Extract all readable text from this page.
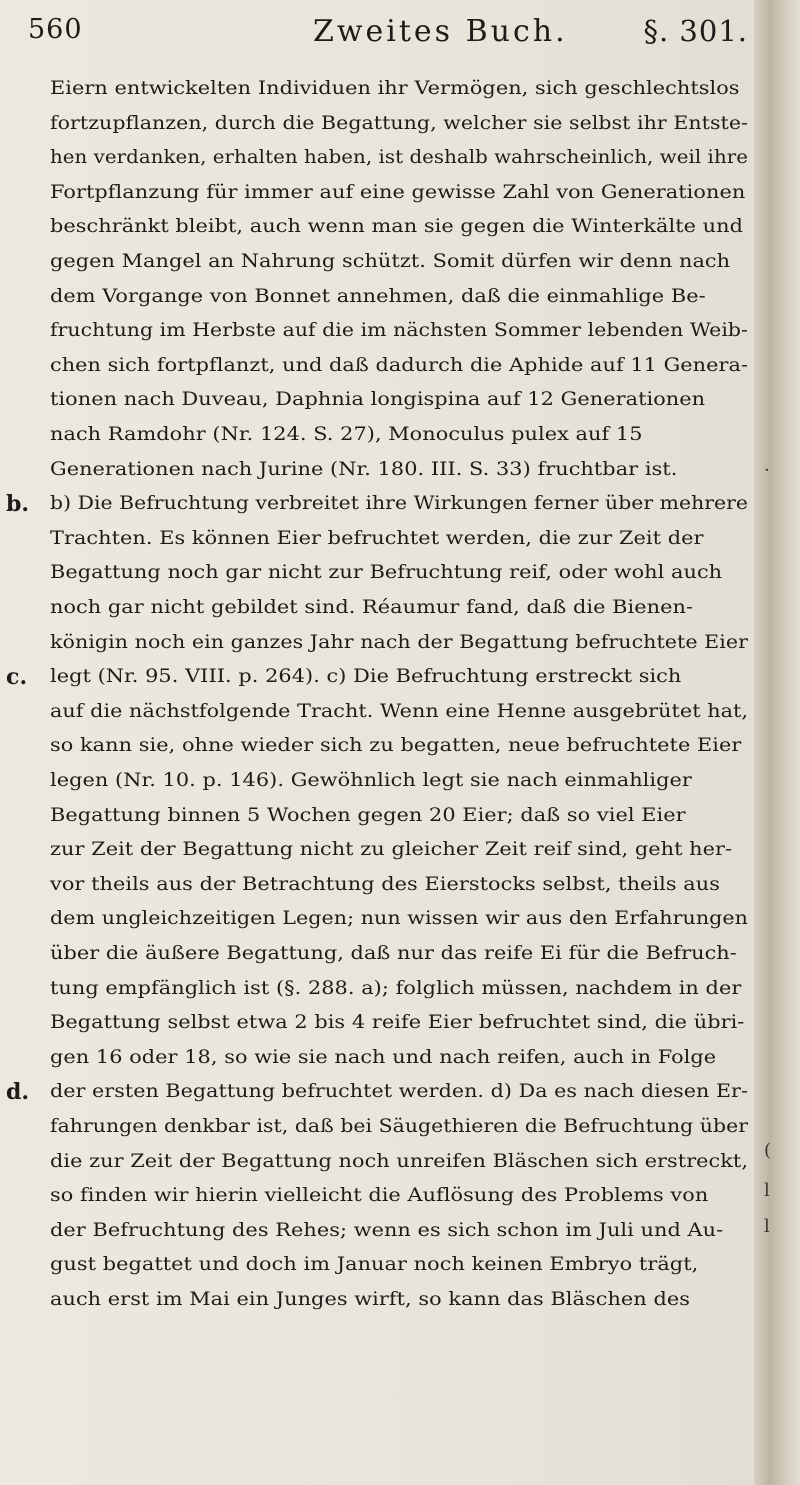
560	Zweites Buch.	§. 301.
Eiern entwickelten Individuen ihr Vermögen, sich geschlechtslos
fortzupflanzen, durch die Begattung, welcher sie selbst ihr Entste-
hen verdanken, erhalten haben, ist deshalb wahrscheinlich, weil ihre
Fortpflanzung für immer auf eine gewisse Zahl von Generationen
beschränkt bleibt, auch wenn man sie gegen die Winterkälte und
gegen Mangel an Nahrung schützt. Somit dürfen wir denn nach
dem Vorgange von Bonnet annehmen, daß die einmahlige Be-
fruchtung im Herbste auf die im nächsten Sommer lebenden Weib-
chen sich fortpflanzt, und daß dadurch die Aphide auf 11 Genera-
tionen nach Duveau, Daphnia longispina auf 12 Generationen
nach Ramdohr (Nr. 124. S. 27), Monoculus pulex auf 15
Generationen nach Jurine (Nr. 180. III. S. 33) fruchtbar ist.
b.	b) Die Befruchtung verbreitet ihre Wirkungen ferner über mehrere
Trachten. Es können Eier befruchtet werden, die zur Zeit der
Begattung noch gar nicht zur Befruchtung reif, oder wohl auch
noch gar nicht gebildet sind. Réaumur fand, daß die Bienen-
königin noch ein ganzes Jahr nach der Begattung befruchtete Eier
c.	legt (Nr. 95. VIII. p. 264). c) Die Befruchtung erstreckt sich
auf die nächstfolgende Tracht. Wenn eine Henne ausgebrütet hat,
so kann sie, ohne wieder sich zu begatten, neue befruchtete Eier
legen (Nr. 10. p. 146). Gewöhnlich legt sie nach einmahliger
Begattung binnen 5 Wochen gegen 20 Eier; daß so viel Eier
zur Zeit der Begattung nicht zu gleicher Zeit reif sind, geht her-
vor theils aus der Betrachtung des Eierstocks selbst, theils aus
dem ungleichzeitigen Legen; nun wissen wir aus den Erfahrungen
über die äußere Begattung, daß nur das reife Ei für die Befruch-
tung empfänglich ist (§. 288. a); folglich müssen, nachdem in der
Begattung selbst etwa 2 bis 4 reife Eier befruchtet sind, die übri-
gen 16 oder 18, so wie sie nach und nach reifen, auch in Folge
d.	der ersten Begattung befruchtet werden. d) Da es nach diesen Er-
fahrungen denkbar ist, daß bei Säugethieren die Befruchtung über
die zur Zeit der Begattung noch unreifen Bläschen sich erstreckt,
so finden wir hierin vielleicht die Auflösung des Problems von
der Befruchtung des Rehes; wenn es sich schon im Juli und Au-
gust begattet und doch im Januar noch keinen Embryo trägt,
auch erst im Mai ein Junges wirft, so kann das Bläschen des
·
(
l
l
